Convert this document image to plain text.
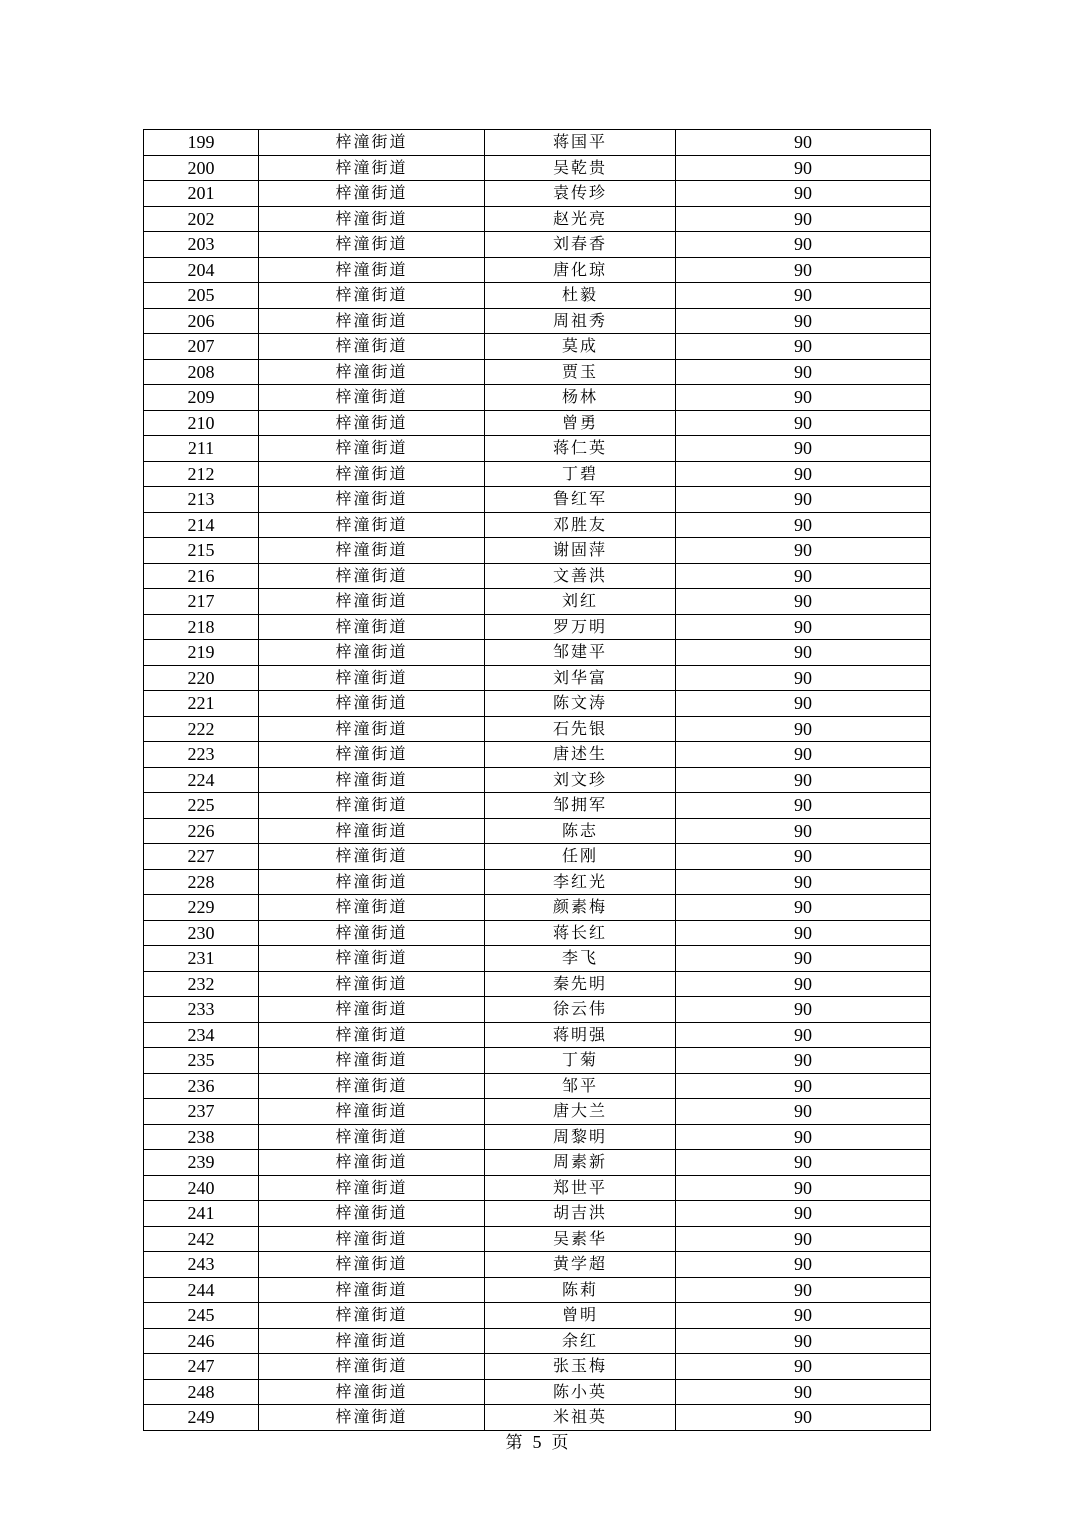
199	梓潼街道	蒋国平	90
200	梓潼街道	吴乾贵	90
201	梓潼街道	袁传珍	90
202	梓潼街道	赵光亮	90
203	梓潼街道	刘春香	90
204	梓潼街道	唐化琼	90
205	梓潼街道	杜毅	90
206	梓潼街道	周祖秀	90
207	梓潼街道	莫成	90
208	梓潼街道	贾玉	90
209	梓潼街道	杨林	90
210	梓潼街道	曾勇	90
211	梓潼街道	蒋仁英	90
212	梓潼街道	丁碧	90
213	梓潼街道	鲁红军	90
214	梓潼街道	邓胜友	90
215	梓潼街道	谢固萍	90
216	梓潼街道	文善洪	90
217	梓潼街道	刘红	90
218	梓潼街道	罗万明	90
219	梓潼街道	邹建平	90
220	梓潼街道	刘华富	90
221	梓潼街道	陈文涛	90
222	梓潼街道	石先银	90
223	梓潼街道	唐述生	90
224	梓潼街道	刘文珍	90
225	梓潼街道	邹拥军	90
226	梓潼街道	陈志	90
227	梓潼街道	任刚	90
228	梓潼街道	李红光	90
229	梓潼街道	颜素梅	90
230	梓潼街道	蒋长红	90
231	梓潼街道	李飞	90
232	梓潼街道	秦先明	90
233	梓潼街道	徐云伟	90
234	梓潼街道	蒋明强	90
235	梓潼街道	丁菊	90
236	梓潼街道	邹平	90
237	梓潼街道	唐大兰	90
238	梓潼街道	周黎明	90
239	梓潼街道	周素新	90
240	梓潼街道	郑世平	90
241	梓潼街道	胡吉洪	90
242	梓潼街道	吴素华	90
243	梓潼街道	黄学超	90
244	梓潼街道	陈莉	90
245	梓潼街道	曾明	90
246	梓潼街道	余红	90
247	梓潼街道	张玉梅	90
248	梓潼街道	陈小英	90
249	梓潼街道	米祖英	90
第 5 页
